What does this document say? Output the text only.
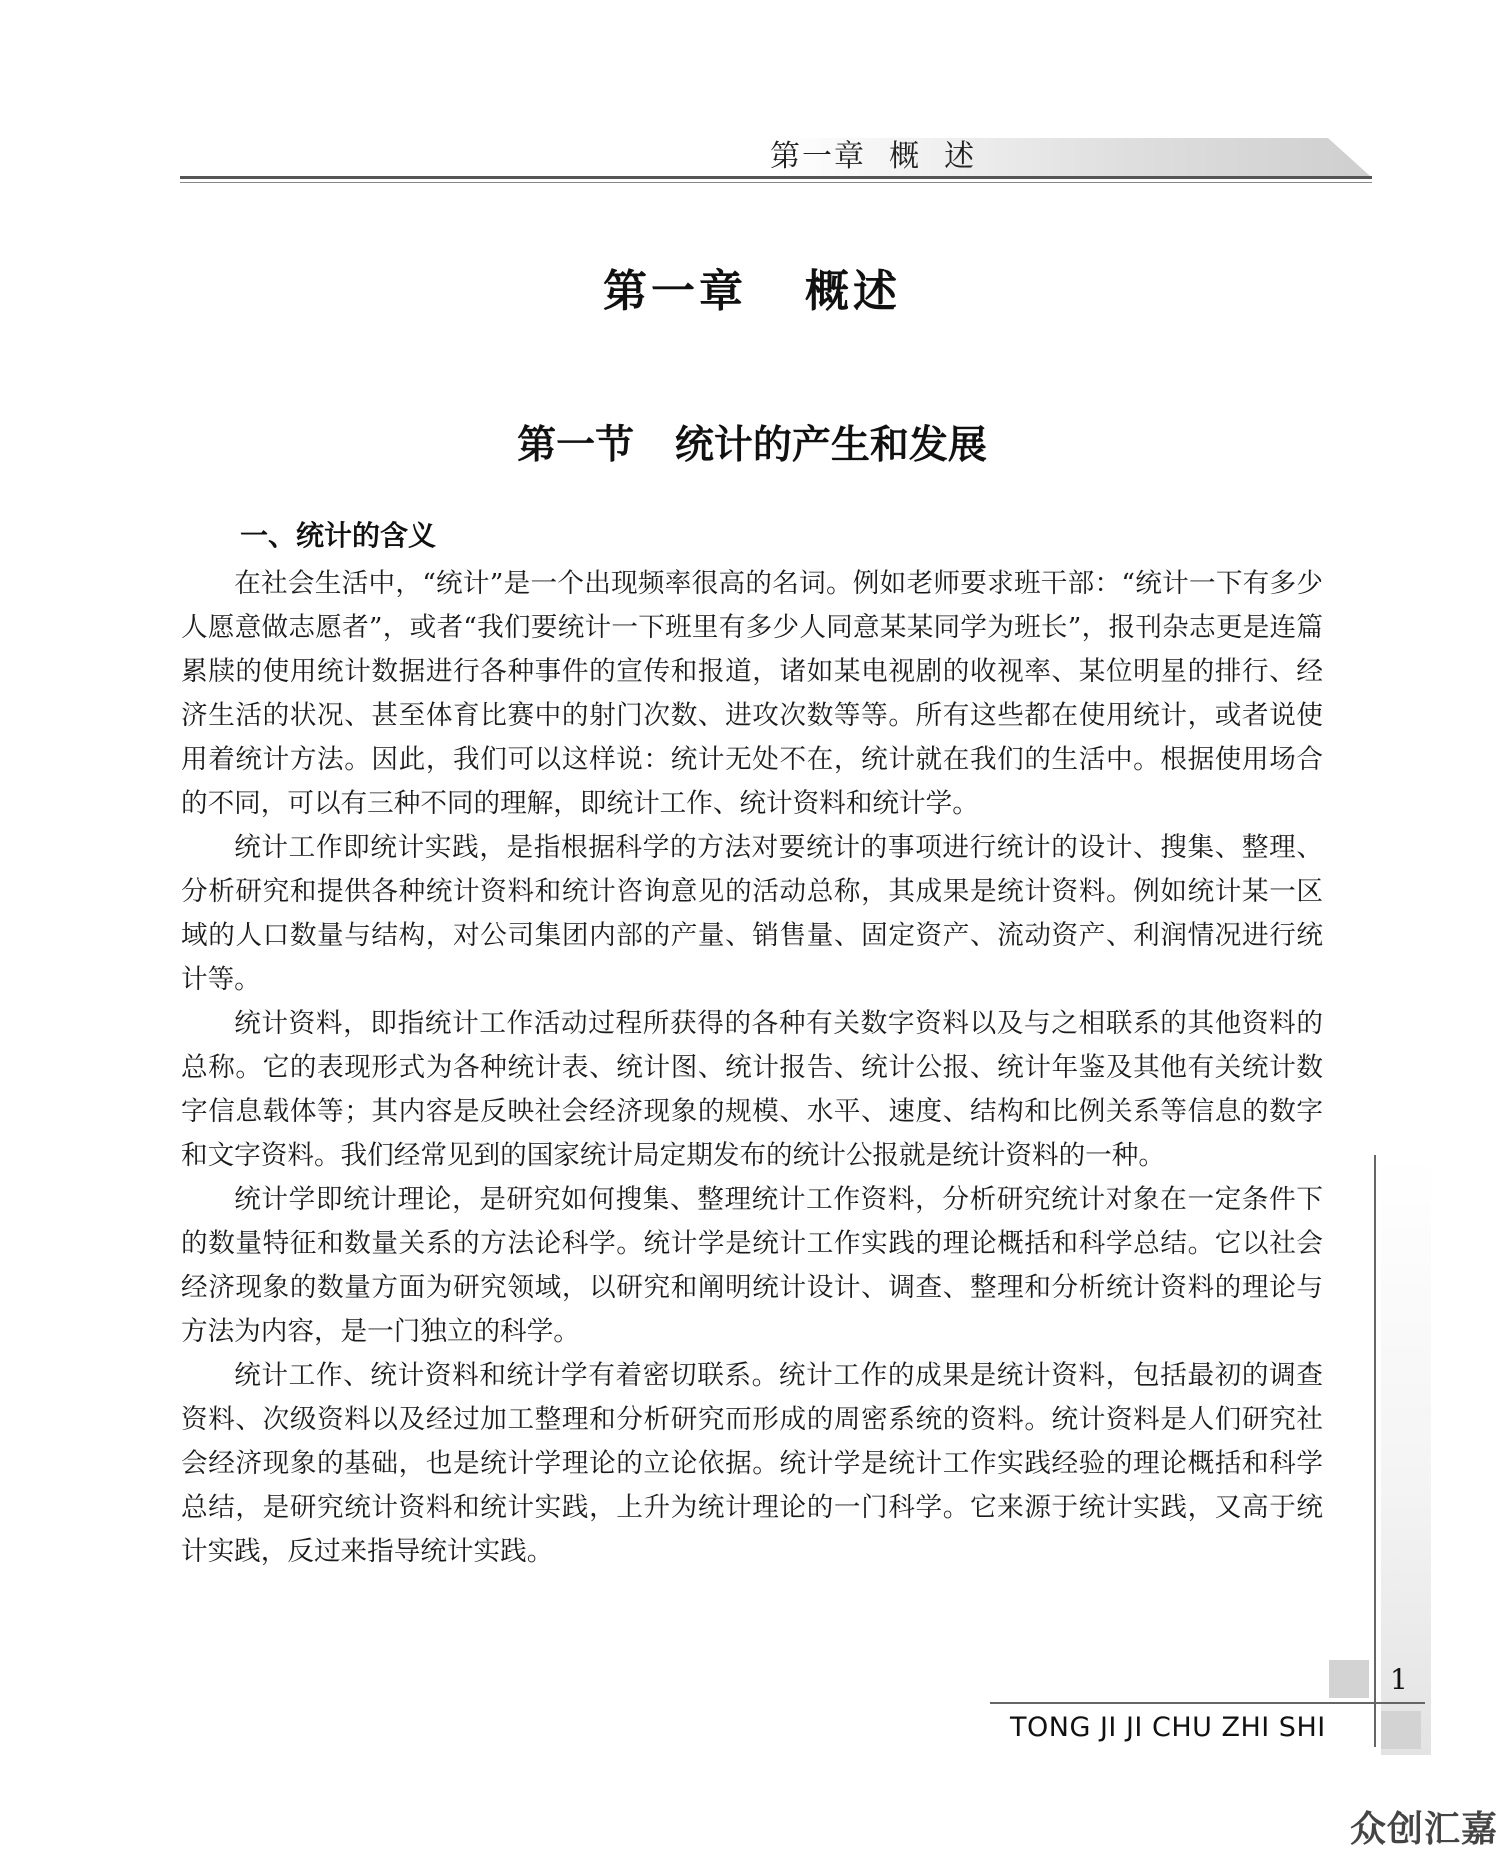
第一章  概  述
第一章   概述
第一节   统计的产生和发展
一、统计的含义

在社会生活中，“统计”是一个出现频率很高的名词。例如老师要求班干部：“统计一下有多少人愿意做志愿者”，或者“我们要统计一下班里有多少人同意某某同学为班长”，报刊杂志更是连篇累牍的使用统计数据进行各种事件的宣传和报道，诸如某电视剧的收视率、某位明星的排行、经济生活的状况、甚至体育比赛中的射门次数、进攻次数等等。所有这些都在使用统计，或者说使用着统计方法。因此，我们可以这样说：统计无处不在，统计就在我们的生活中。根据使用场合的不同，可以有三种不同的理解，即统计工作、统计资料和统计学。

统计工作即统计实践，是指根据科学的方法对要统计的事项进行统计的设计、搜集、整理、分析研究和提供各种统计资料和统计咨询意见的活动总称，其成果是统计资料。例如统计某一区域的人口数量与结构，对公司集团内部的产量、销售量、固定资产、流动资产、利润情况进行统计等。

统计资料，即指统计工作活动过程所获得的各种有关数字资料以及与之相联系的其他资料的总称。它的表现形式为各种统计表、统计图、统计报告、统计公报、统计年鉴及其他有关统计数字信息载体等；其内容是反映社会经济现象的规模、水平、速度、结构和比例关系等信息的数字和文字资料。我们经常见到的国家统计局定期发布的统计公报就是统计资料的一种。

统计学即统计理论，是研究如何搜集、整理统计工作资料，分析研究统计对象在一定条件下的数量特征和数量关系的方法论科学。统计学是统计工作实践的理论概括和科学总结。它以社会经济现象的数量方面为研究领域，以研究和阐明统计设计、调查、整理和分析统计资料的理论与方法为内容，是一门独立的科学。

统计工作、统计资料和统计学有着密切联系。统计工作的成果是统计资料，包括最初的调查资料、次级资料以及经过加工整理和分析研究而形成的周密系统的资料。统计资料是人们研究社会经济现象的基础，也是统计学理论的立论依据。统计学是统计工作实践经验的理论概括和科学总结，是研究统计资料和统计实践，上升为统计理论的一门科学。它来源于统计实践，又高于统计实践，反过来指导统计实践。

1
TONG JI JI CHU ZHI SHI
众创汇嘉
